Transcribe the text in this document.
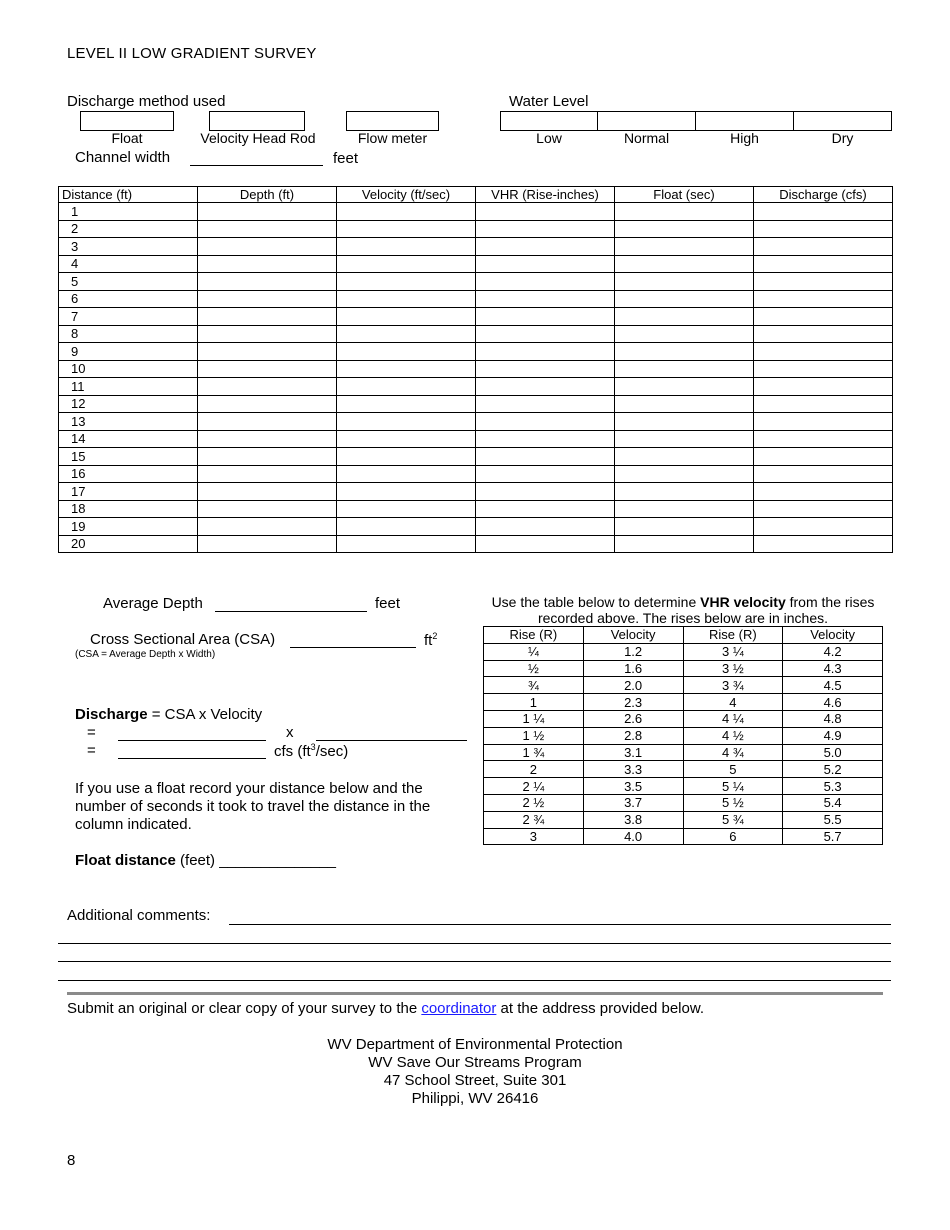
LEVEL II LOW GRADIENT SURVEY
Discharge method used
Float	Velocity Head Rod	Flow meter
Water Level
Low	Normal	High	Dry
Channel width	feet
Distance (ft)	Depth (ft)	Velocity (ft/sec)	VHR (Rise-inches)	Float (sec)	Discharge (cfs)
1					
2					
3					
4					
5					
6					
7					
8					
9					
10					
11					
12					
13					
14					
15					
16					
17					
18					
19					
20					
Average Depth	feet
Cross Sectional Area (CSA)	$ft^2$
(CSA = Average Depth x Width)
Discharge = CSA x Velocity
=	x
=	cfs $(ft^3/\sec)$
If you use a float record your distance below and the number of seconds it took to travel the distance in the column indicated.
Float distance (feet) ______________
Use the table below to determine VHR velocity from the rises recorded above. The rises below are in inches.
Rise (R)	Velocity	Rise (R)	Velocity
¼	1.2	3 ¼	4.2
½	1.6	3 ½	4.3
¾	2.0	3 ¾	4.5
1	2.3	4	4.6
1 ¼	2.6	4 ¼	4.8
1 ½	2.8	4 ½	4.9
1 ¾	3.1	4 ¾	5.0
2	3.3	5	5.2
2 ¼	3.5	5 ¼	5.3
2 ½	3.7	5 ½	5.4
2 ¾	3.8	5 ¾	5.5
3	4.0	6	5.7
Additional comments:
Submit an original or clear copy of your survey to the coordinator at the address provided below.
WV Department of Environmental Protection
WV Save Our Streams Program
47 School Street, Suite 301
Philippi, WV 26416
8
